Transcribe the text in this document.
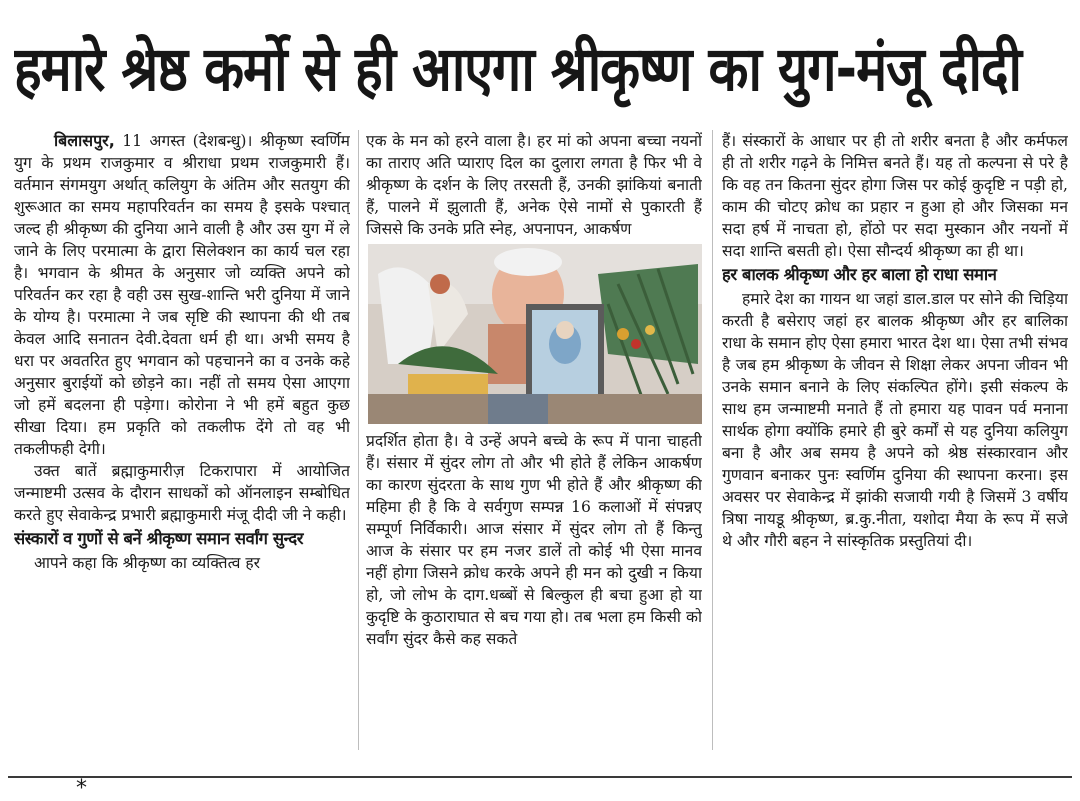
हमारे श्रेष्ठ कर्मो से ही आएगा श्रीकृष्ण का युग-मंजू दीदी

बिलासपुर, 11 अगस्त (देशबन्धु)। श्रीकृष्ण स्वर्णिम युग के प्रथम राजकुमार व श्रीराधा प्रथम राजकुमारी हैं। वर्तमान संगमयुग अर्थात् कलियुग के अंतिम और सतयुग की शुरूआत का समय महापरिवर्तन का समय है इसके पश्चात् जल्द ही श्रीकृष्ण की दुनिया आने वाली है और उस युग में ले जाने के लिए परमात्मा के द्वारा सिलेक्शन का कार्य चल रहा है। भगवान के श्रीमत के अनुसार जो व्यक्ति अपने को परिवर्तन कर रहा है वही उस सुख-शान्ति भरी दुनिया में जाने के योग्य है। परमात्मा ने जब सृष्टि की स्थापना की थी तब केवल आदि सनातन देवी.देवता धर्म ही था। अभी समय है धरा पर अवतरित हुए भगवान को पहचानने का व उनके कहे अनुसार बुराईयों को छोड़ने का। नहीं तो समय ऐसा आएगा जो हमें बदलना ही पड़ेगा। कोरोना ने भी हमें बहुत कुछ सीखा दिया। हम प्रकृति को तकलीफ देंगे तो वह भी तकलीफही देगी।

उक्त बातें ब्रह्माकुमारीज़ टिकरापारा में आयोजित जन्माष्टमी उत्सव के दौरान साधकों को ऑनलाइन सम्बोधित करते हुए सेवाकेन्द्र प्रभारी ब्रह्माकुमारी मंजू दीदी जी ने कही।

संस्कारों व गुणों से बनें श्रीकृष्ण समान सर्वांग सुन्दर

आपने कहा कि श्रीकृष्ण का व्यक्तित्व हर

एक के मन को हरने वाला है। हर मां को अपना बच्चा नयनों का ताराए अति प्याराए दिल का दुलारा लगता है फिर भी वे श्रीकृष्ण के दर्शन के लिए तरसती हैं, उनकी झांकियां बनाती हैं, पालने में झुलाती हैं, अनेक ऐसे नामों से पुकारती हैं जिससे कि उनके प्रति स्नेह, अपनापन, आकर्षण

प्रदर्शित होता है। वे उन्हें अपने बच्चे के रूप में पाना चाहती हैं। संसार में सुंदर लोग तो और भी होते हैं लेकिन आकर्षण का कारण सुंदरता के साथ गुण भी होते हैं और श्रीकृष्ण की महिमा ही है कि वे सर्वगुण सम्पन्न 16 कलाओं में संपन्नए सम्पूर्ण निर्विकारी। आज संसार में सुंदर लोग तो हैं किन्तु आज के संसार पर हम नजर डालें तो कोई भी ऐसा मानव नहीं होगा जिसने क्रोध करके अपने ही मन को दुखी न किया हो, जो लोभ के दाग.धब्बों से बिल्कुल ही बचा हुआ हो या कुदृष्टि के कुठाराघात से बच गया हो। तब भला हम किसी को सर्वांग सुंदर कैसे कह सकते

हैं। संस्कारों के आधार पर ही तो शरीर बनता है और कर्मफल ही तो शरीर गढ़ने के निमित्त बनते हैं। यह तो कल्पना से परे है कि वह तन कितना सुंदर होगा जिस पर कोई कुदृष्टि न पड़ी हो, काम की चोटए क्रोध का प्रहार न हुआ हो और जिसका मन सदा हर्ष में नाचता हो, होंठो पर सदा मुस्कान और नयनों में सदा शान्ति बसती हो। ऐसा सौन्दर्य श्रीकृष्ण का ही था।

हर बालक श्रीकृष्ण और हर बाला हो राधा समान

हमारे देश का गायन था जहां डाल.डाल पर सोने की चिड़िया करती है बसेराए जहां हर बालक श्रीकृष्ण और हर बालिका राधा के समान होए ऐसा हमारा भारत देश था। ऐसा तभी संभव है जब हम श्रीकृष्ण के जीवन से शिक्षा लेकर अपना जीवन भी उनके समान बनाने के लिए संकल्पित होंगे। इसी संकल्प के साथ हम जन्माष्टमी मनाते हैं तो हमारा यह पावन पर्व मनाना सार्थक होगा क्योंकि हमारे ही बुरे कर्मों से यह दुनिया कलियुग बना है और अब समय है अपने को श्रेष्ठ संस्कारवान और गुणवान बनाकर पुनः स्वर्णिम दुनिया की स्थापना करना। इस अवसर पर सेवाकेन्द्र में झांकी सजायी गयी है जिसमें 3 वर्षीय त्रिषा नायडू श्रीकृष्ण, ब्र.कु.नीता, यशोदा मैया के रूप में सजे थे और गौरी बहन ने सांस्कृतिक प्रस्तुतियां दी।

*
